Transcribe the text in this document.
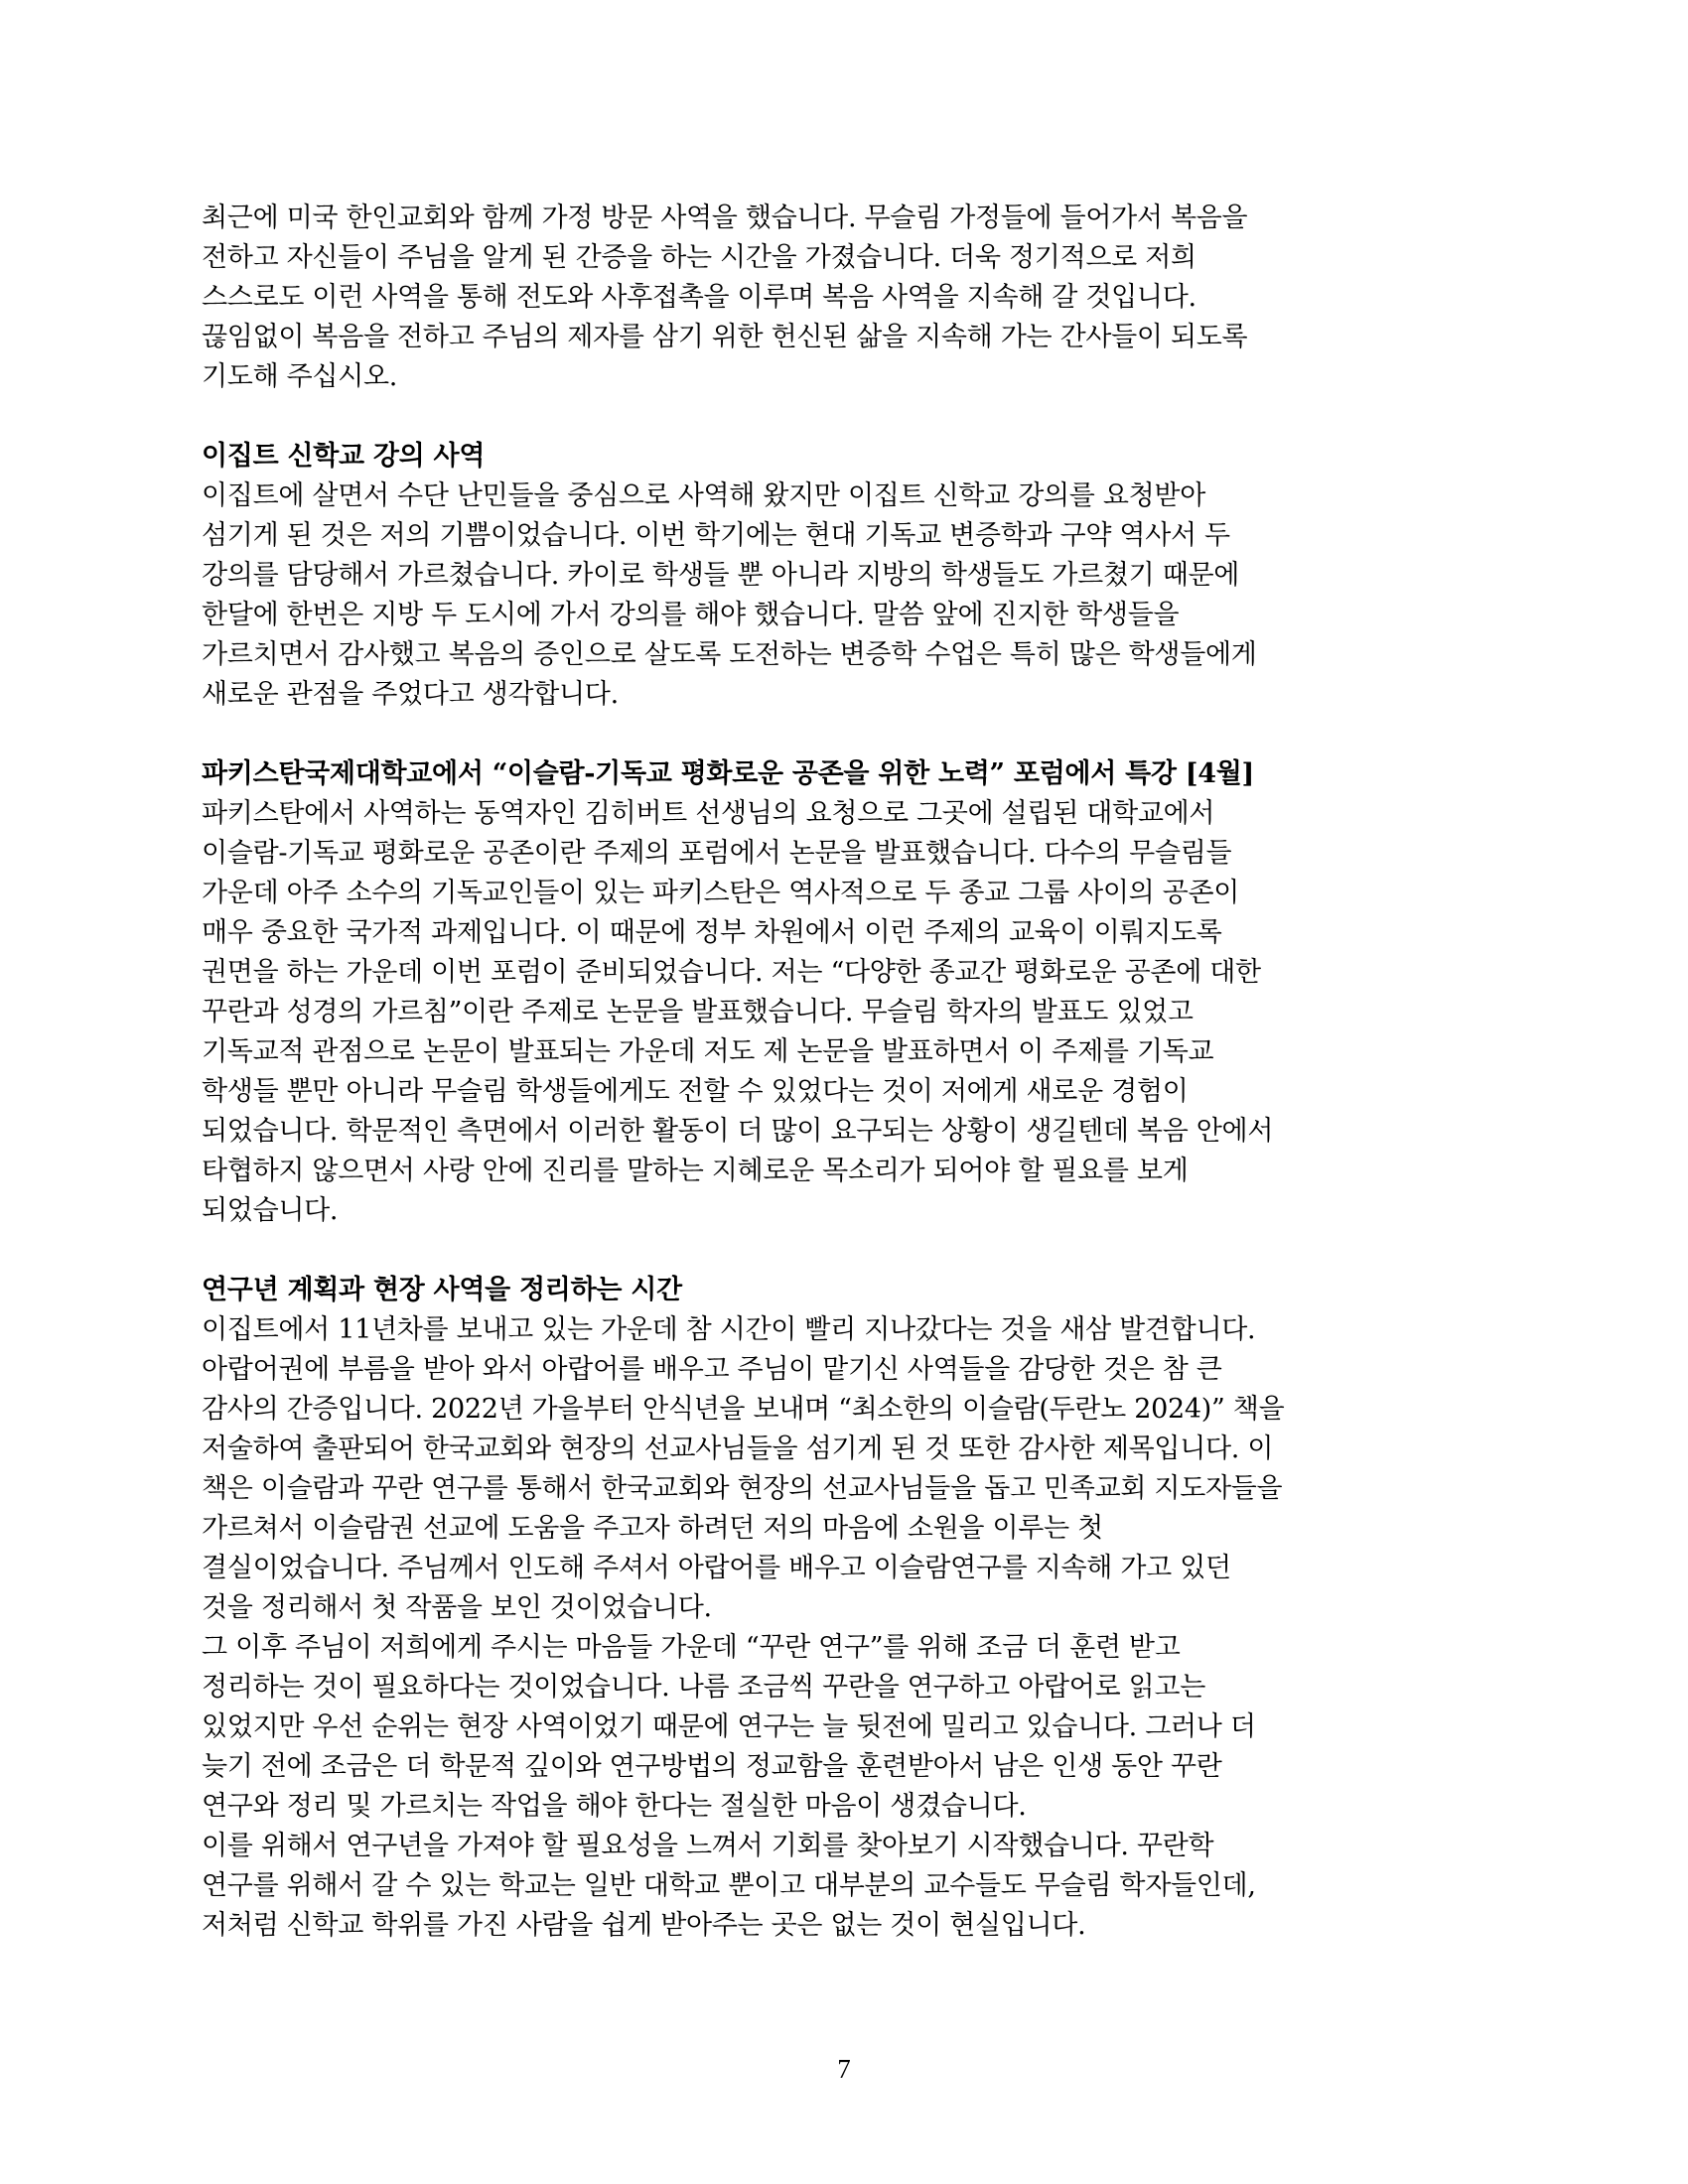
최근에 미국 한인교회와 함께 가정 방문 사역을 했습니다. 무슬림 가정들에 들어가서 복음을
전하고 자신들이 주님을 알게 된 간증을 하는 시간을 가졌습니다. 더욱 정기적으로 저희
스스로도 이런 사역을 통해 전도와 사후접촉을 이루며 복음 사역을 지속해 갈 것입니다.
끊임없이 복음을 전하고 주님의 제자를 삼기 위한 헌신된 삶을 지속해 가는 간사들이 되도록
기도해 주십시오.
이집트 신학교 강의 사역
이집트에 살면서 수단 난민들을 중심으로 사역해 왔지만 이집트 신학교 강의를 요청받아
섬기게 된 것은 저의 기쁨이었습니다. 이번 학기에는 현대 기독교 변증학과 구약 역사서 두
강의를 담당해서 가르쳤습니다. 카이로 학생들 뿐 아니라 지방의 학생들도 가르쳤기 때문에
한달에 한번은 지방 두 도시에 가서 강의를 해야 했습니다. 말씀 앞에 진지한 학생들을
가르치면서 감사했고 복음의 증인으로 살도록 도전하는 변증학 수업은 특히 많은 학생들에게
새로운 관점을 주었다고 생각합니다.
파키스탄국제대학교에서 “이슬람-기독교 평화로운 공존을 위한 노력” 포럼에서 특강 [4월]
파키스탄에서 사역하는 동역자인 김히버트 선생님의 요청으로 그곳에 설립된 대학교에서
이슬람-기독교 평화로운 공존이란 주제의 포럼에서 논문을 발표했습니다. 다수의 무슬림들
가운데 아주 소수의 기독교인들이 있는 파키스탄은 역사적으로 두 종교 그룹 사이의 공존이
매우 중요한 국가적 과제입니다. 이 때문에 정부 차원에서 이런 주제의 교육이 이뤄지도록
권면을 하는 가운데 이번 포럼이 준비되었습니다. 저는 “다양한 종교간 평화로운 공존에 대한
꾸란과 성경의 가르침”이란 주제로 논문을 발표했습니다. 무슬림 학자의 발표도 있었고
기독교적 관점으로 논문이 발표되는 가운데 저도 제 논문을 발표하면서 이 주제를 기독교
학생들 뿐만 아니라 무슬림 학생들에게도 전할 수 있었다는 것이 저에게 새로운 경험이
되었습니다. 학문적인 측면에서 이러한 활동이 더 많이 요구되는 상황이 생길텐데 복음 안에서
타협하지 않으면서 사랑 안에 진리를 말하는 지혜로운 목소리가 되어야 할 필요를 보게
되었습니다.
연구년 계획과 현장 사역을 정리하는 시간
이집트에서 11년차를 보내고 있는 가운데 참 시간이 빨리 지나갔다는 것을 새삼 발견합니다.
아랍어권에 부름을 받아 와서 아랍어를 배우고 주님이 맡기신 사역들을 감당한 것은 참 큰
감사의 간증입니다. 2022년 가을부터 안식년을 보내며 “최소한의 이슬람(두란노 2024)” 책을
저술하여 출판되어 한국교회와 현장의 선교사님들을 섬기게 된 것 또한 감사한 제목입니다. 이
책은 이슬람과 꾸란 연구를 통해서 한국교회와 현장의 선교사님들을 돕고 민족교회 지도자들을
가르쳐서 이슬람권 선교에 도움을 주고자 하려던 저의 마음에 소원을 이루는 첫
결실이었습니다. 주님께서 인도해 주셔서 아랍어를 배우고 이슬람연구를 지속해 가고 있던
것을 정리해서 첫 작품을 보인 것이었습니다.
그 이후 주님이 저희에게 주시는 마음들 가운데 “꾸란 연구”를 위해 조금 더 훈련 받고
정리하는 것이 필요하다는 것이었습니다. 나름 조금씩 꾸란을 연구하고 아랍어로 읽고는
있었지만 우선 순위는 현장 사역이었기 때문에 연구는 늘 뒷전에 밀리고 있습니다. 그러나 더
늦기 전에 조금은 더 학문적 깊이와 연구방법의 정교함을 훈련받아서 남은 인생 동안 꾸란
연구와 정리 및 가르치는 작업을 해야 한다는 절실한 마음이 생겼습니다.
이를 위해서 연구년을 가져야 할 필요성을 느껴서 기회를 찾아보기 시작했습니다. 꾸란학
연구를 위해서 갈 수 있는 학교는 일반 대학교 뿐이고 대부분의 교수들도 무슬림 학자들인데,
저처럼 신학교 학위를 가진 사람을 쉽게 받아주는 곳은 없는 것이 현실입니다.
7
